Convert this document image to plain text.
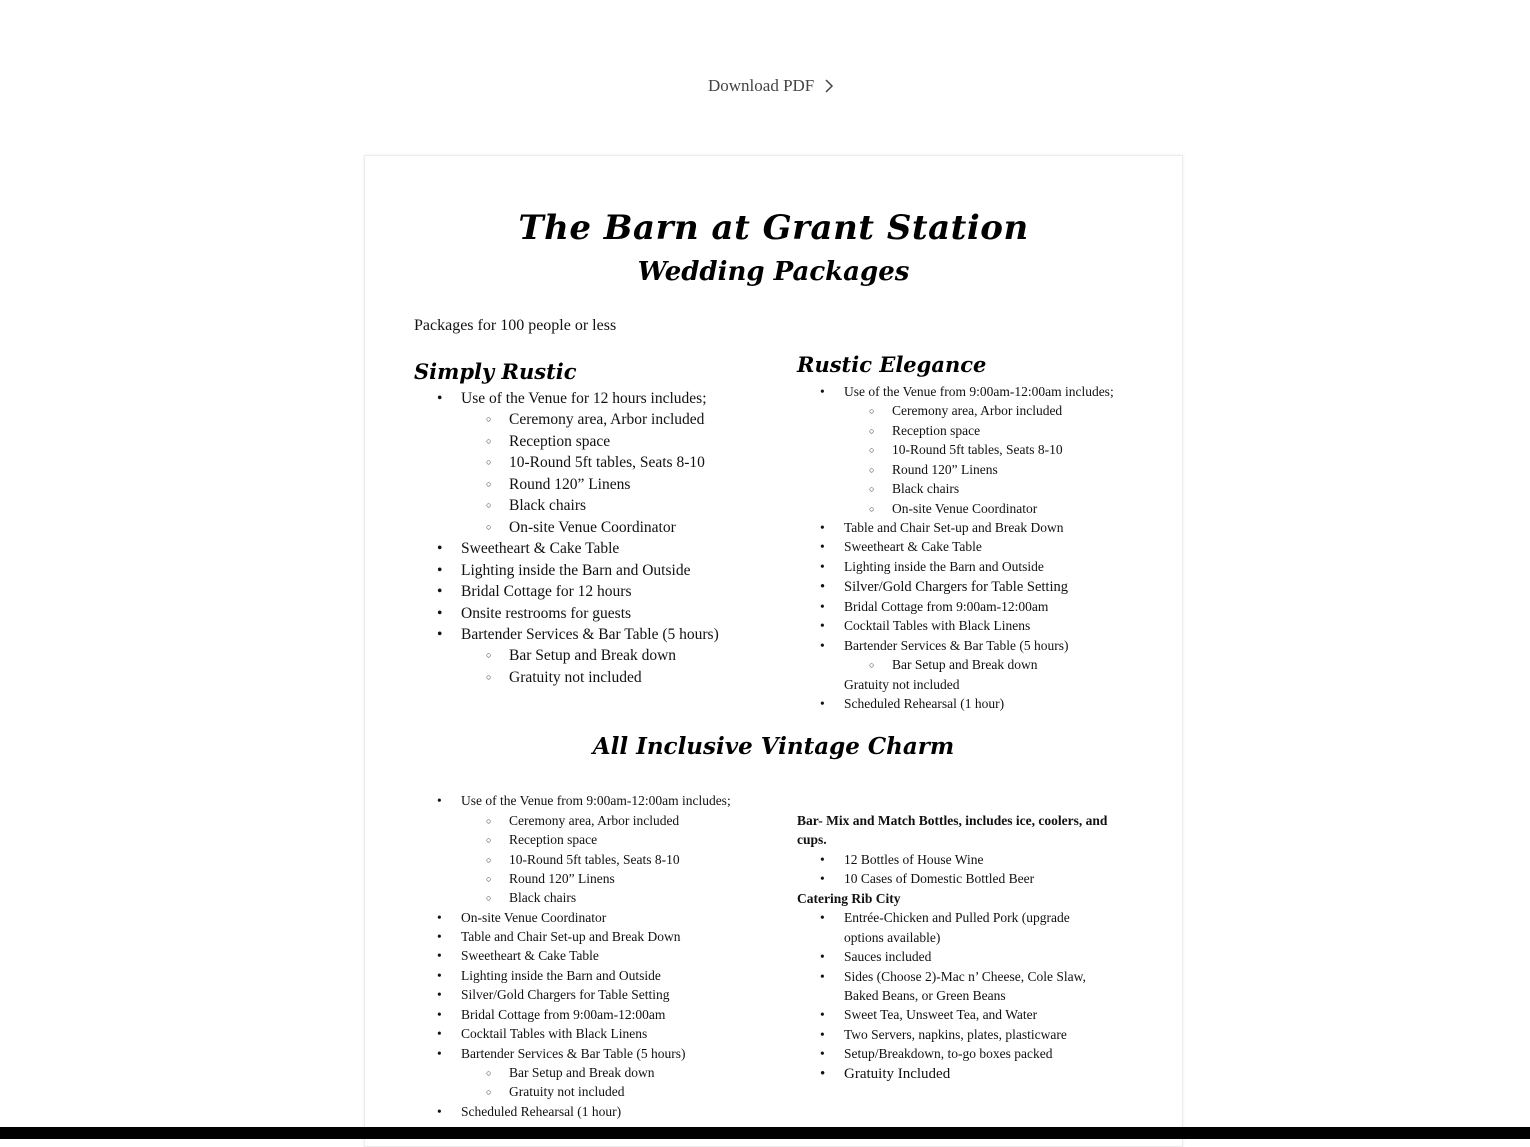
Download PDF
The Barn at Grant Station
Wedding Packages
Packages for 100 people or less
Simply Rustic
• Use of the Venue for 12 hours includes;
○ Ceremony area, Arbor included
○ Reception space
○ 10-Round 5ft tables, Seats 8-10
○ Round 120” Linens
○ Black chairs
○ On-site Venue Coordinator
• Sweetheart & Cake Table
• Lighting inside the Barn and Outside
• Bridal Cottage for 12 hours
• Onsite restrooms for guests
• Bartender Services & Bar Table (5 hours)
○ Bar Setup and Break down
○ Gratuity not included
Rustic Elegance
• Use of the Venue from 9:00am-12:00am includes;
○ Ceremony area, Arbor included
○ Reception space
○ 10-Round 5ft tables, Seats 8-10
○ Round 120” Linens
○ Black chairs
○ On-site Venue Coordinator
• Table and Chair Set-up and Break Down
• Sweetheart & Cake Table
• Lighting inside the Barn and Outside
• Silver/Gold Chargers for Table Setting
• Bridal Cottage from 9:00am-12:00am
• Cocktail Tables with Black Linens
• Bartender Services & Bar Table (5 hours)
○ Bar Setup and Break down
Gratuity not included
• Scheduled Rehearsal (1 hour)
All Inclusive Vintage Charm
• Use of the Venue from 9:00am-12:00am includes;
○ Ceremony area, Arbor included
○ Reception space
○ 10-Round 5ft tables, Seats 8-10
○ Round 120” Linens
○ Black chairs
• On-site Venue Coordinator
• Table and Chair Set-up and Break Down
• Sweetheart & Cake Table
• Lighting inside the Barn and Outside
• Silver/Gold Chargers for Table Setting
• Bridal Cottage from 9:00am-12:00am
• Cocktail Tables with Black Linens
• Bartender Services & Bar Table (5 hours)
○ Bar Setup and Break down
○ Gratuity not included
• Scheduled Rehearsal (1 hour)
Bar- Mix and Match Bottles, includes ice, coolers, and
cups.
• 12 Bottles of House Wine
• 10 Cases of Domestic Bottled Beer
Catering Rib City
• Entrée-Chicken and Pulled Pork (upgrade
options available)
• Sauces included
• Sides (Choose 2)-Mac n’ Cheese, Cole Slaw,
Baked Beans, or Green Beans
• Sweet Tea, Unsweet Tea, and Water
• Two Servers, napkins, plates, plasticware
• Setup/Breakdown, to-go boxes packed
• Gratuity Included
